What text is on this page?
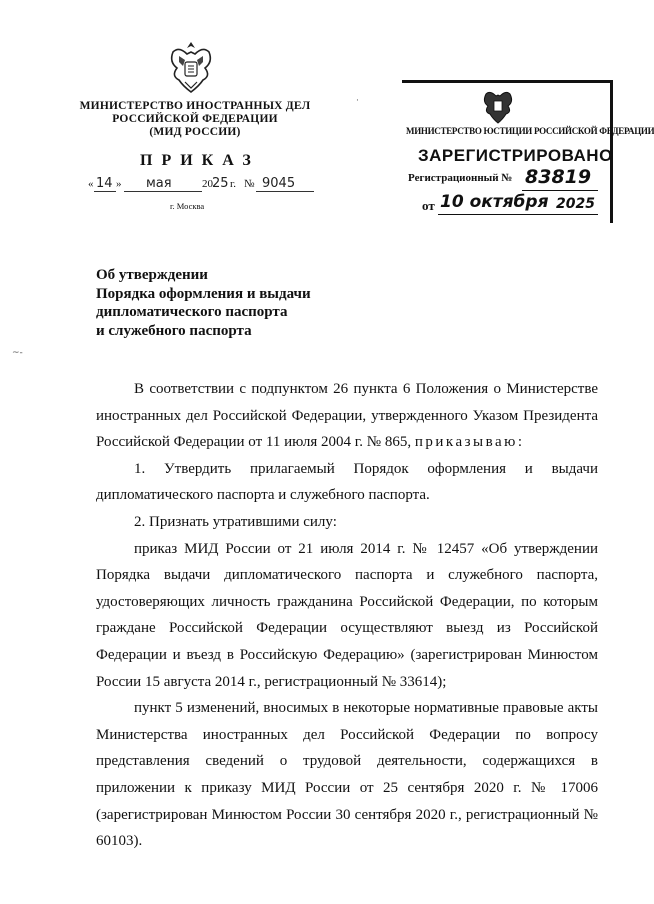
МИНИСТЕРСТВО ИНОСТРАННЫХ ДЕЛ
РОССИЙСКОЙ ФЕДЕРАЦИИ
(МИД РОССИИ)
ПРИКАЗ
« 14 » мая	20 25 г. № 9045
г. Москва
МИНИСТЕРСТВО ЮСТИЦИИ РОССИЙСКОЙ ФЕДЕРАЦИИ
ЗАРЕГИСТРИРОВАНО
Регистрационный № 83819
от 10 октября 2025
~-
·
Об утверждении
Порядка оформления и выдачи
дипломатического паспорта
и служебного паспорта

В соответствии с подпунктом 26 пункта 6 Положения о Министерстве иностранных дел Российской Федерации, утвержденного Указом Президента Российской Федерации от 11 июля 2004 г. № 865, приказываю:

1. Утвердить прилагаемый Порядок оформления и выдачи дипломатического паспорта и служебного паспорта.

2. Признать утратившими силу:

приказ МИД России от 21 июля 2014 г. № 12457 «Об утверждении Порядка выдачи дипломатического паспорта и служебного паспорта, удостоверяющих личность гражданина Российской Федерации, по которым граждане Российской Федерации осуществляют выезд из Российской Федерации и въезд в Российскую Федерацию» (зарегистрирован Минюстом России 15 августа 2014 г., регистрационный № 33614);

пункт 5 изменений, вносимых в некоторые нормативные правовые акты Министерства иностранных дел Российской Федерации по вопросу представления сведений о трудовой деятельности, содержащихся в приложении к приказу МИД России от 25 сентября 2020 г. № 17006 (зарегистрирован Минюстом России 30 сентября 2020 г., регистрационный № 60103).
